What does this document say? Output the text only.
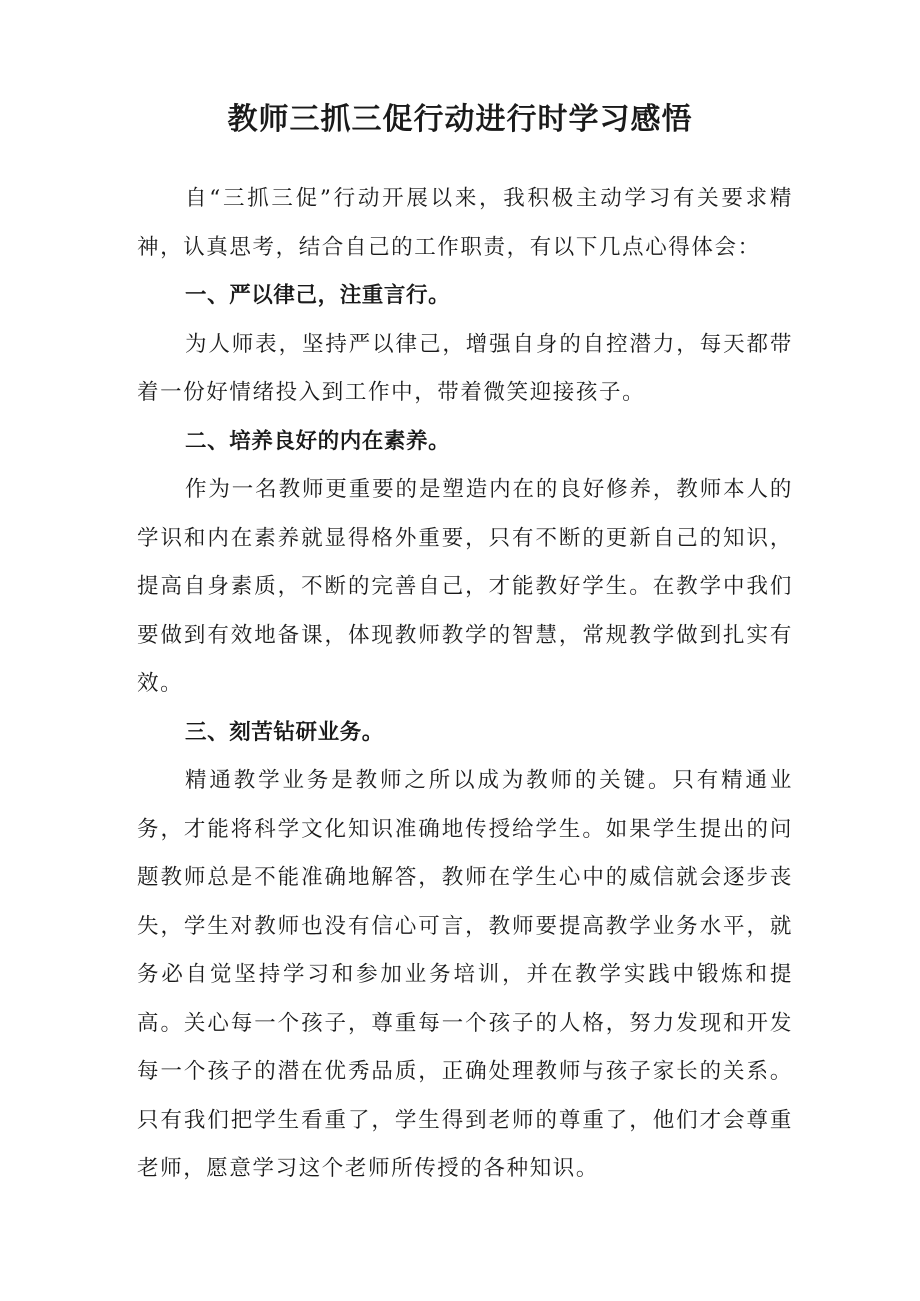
教师三抓三促行动进行时学习感悟

自“三抓三促”行动开展以来，我积极主动学习有关要求精神，认真思考，结合自己的工作职责，有以下几点心得体会：

一、严以律己，注重言行。

为人师表，坚持严以律己，增强自身的自控潜力，每天都带着一份好情绪投入到工作中，带着微笑迎接孩子。

二、培养良好的内在素养。

作为一名教师更重要的是塑造内在的良好修养，教师本人的学识和内在素养就显得格外重要，只有不断的更新自己的知识，提高自身素质，不断的完善自己，才能教好学生。在教学中我们要做到有效地备课，体现教师教学的智慧，常规教学做到扎实有效。

三、刻苦钻研业务。

精通教学业务是教师之所以成为教师的关键。只有精通业务，才能将科学文化知识准确地传授给学生。如果学生提出的问题教师总是不能准确地解答，教师在学生心中的威信就会逐步丧失，学生对教师也没有信心可言，教师要提高教学业务水平，就务必自觉坚持学习和参加业务培训，并在教学实践中锻炼和提高。关心每一个孩子，尊重每一个孩子的人格，努力发现和开发每一个孩子的潜在优秀品质，正确处理教师与孩子家长的关系。只有我们把学生看重了，学生得到老师的尊重了，他们才会尊重老师，愿意学习这个老师所传授的各种知识。
